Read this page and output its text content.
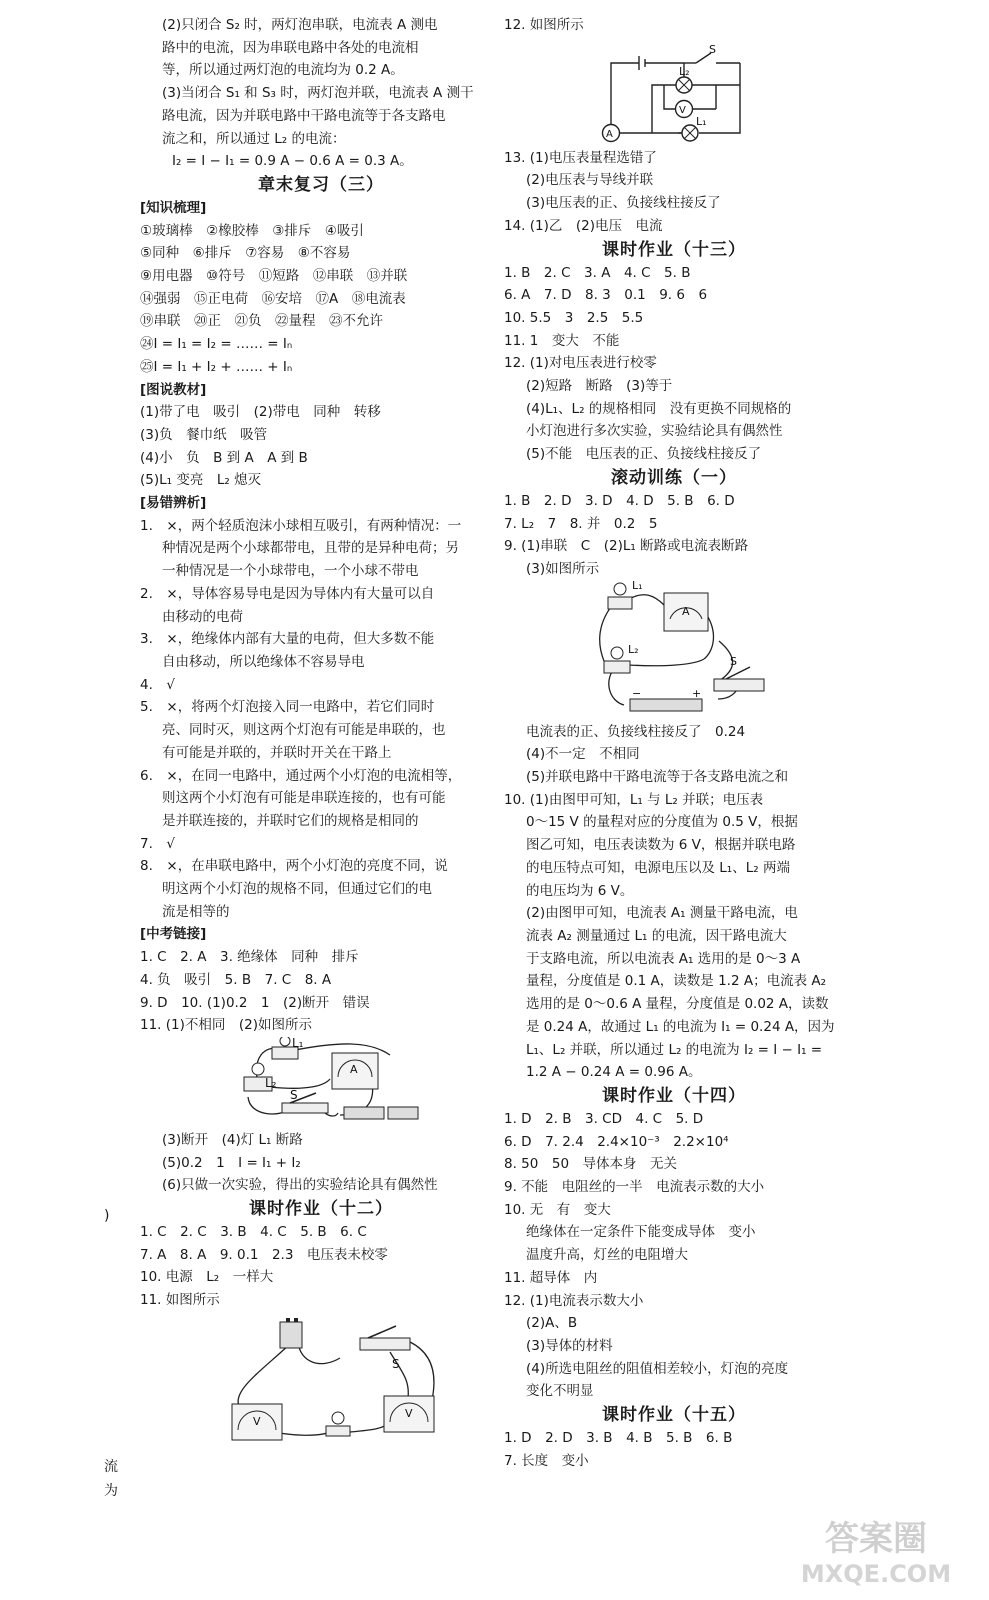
(2)只闭合 S₂ 时，两灯泡串联，电流表 A 测电
路中的电流，因为串联电路中各处的电流相
等，所以通过两灯泡的电流均为 0.2 A。
(3)当闭合 S₁ 和 S₃ 时，两灯泡并联，电流表 A 测干
路电流，因为并联电路中干路电流等于各支路电
流之和，所以通过 L₂ 的电流：
I₂ = I − I₁ = 0.9 A − 0.6 A = 0.3 A。
章末复习（三）
[知识梳理]
①玻璃棒　②橡胶棒　③排斥　④吸引
⑤同种　⑥排斥　⑦容易　⑧不容易
⑨用电器　⑩符号　⑪短路　⑫串联　⑬并联
⑭强弱　⑮正电荷　⑯安培　⑰A　⑱电流表
⑲串联　⑳正　㉑负　㉒量程　㉓不允许
㉔I = I₁ = I₂ = …… = Iₙ
㉕I = I₁ + I₂ + …… + Iₙ
[图说教材]
(1)带了电　吸引　(2)带电　同种　转移
(3)负　餐巾纸　吸管
(4)小　负　B 到 A　A 到 B
(5)L₁ 变亮　L₂ 熄灭
[易错辨析]
1.　×，两个轻质泡沫小球相互吸引，有两种情况：一
种情况是两个小球都带电，且带的是异种电荷；另
一种情况是一个小球带电，一个小球不带电
2.　×，导体容易导电是因为导体内有大量可以自
由移动的电荷
3.　×，绝缘体内部有大量的电荷，但大多数不能
自由移动，所以绝缘体不容易导电
4.　√
5.　×，将两个灯泡接入同一电路中，若它们同时
亮、同时灭，则这两个灯泡有可能是串联的，也
有可能是并联的，并联时开关在干路上
6.　×，在同一电路中，通过两个小灯泡的电流相等，
则这两个小灯泡有可能是串联连接的，也有可能
是并联连接的，并联时它们的规格是相同的
7.　√
8.　×，在串联电路中，两个小灯泡的亮度不同，说
明这两个小灯泡的规格不同，但通过它们的电
流是相等的
[中考链接]
1. C　2. A　3. 绝缘体　同种　排斥
4. 负　吸引　5. B　7. C　8. A
9. D　10. (1)0.2　1　(2)断开　错误
11. (1)不相同　(2)如图所示
L₂
L₁
A
S
(3)断开　(4)灯 L₁ 断路
(5)0.2　1　I = I₁ + I₂
(6)只做一次实验，得出的实验结论具有偶然性
课时作业（十二）
1. C　2. C　3. B　4. C　5. B　6. C
7. A　8. A　9. 0.1　2.3　电压表未校零
10. 电源　L₂　一样大
11. 如图所示
S
V
V
12. 如图所示
L₂
S
V
L₁
A
13. (1)电压表量程选错了
(2)电压表与导线并联
(3)电压表的正、负接线柱接反了
14. (1)乙　(2)电压　电流
课时作业（十三）
1. B　2. C　3. A　4. C　5. B
6. A　7. D　8. 3　0.1　9. 6　6
10. 5.5　3　2.5　5.5
11. 1　变大　不能
12. (1)对电压表进行校零
(2)短路　断路　(3)等于
(4)L₁、L₂ 的规格相同　没有更换不同规格的
小灯泡进行多次实验，实验结论具有偶然性
(5)不能　电压表的正、负接线柱接反了
滚动训练（一）
1. B　2. D　3. D　4. D　5. B　6. D
7. L₂　7　8. 并　0.2　5
9. (1)串联　C　(2)L₁ 断路或电流表断路
(3)如图所示
L₁
A
L₂
S
−	+
电流表的正、负接线柱接反了　0.24
(4)不一定　不相同
(5)并联电路中干路电流等于各支路电流之和
10. (1)由图甲可知，L₁ 与 L₂ 并联；电压表
0～15 V 的量程对应的分度值为 0.5 V，根据
图乙可知，电压表读数为 6 V，根据并联电路
的电压特点可知，电源电压以及 L₁、L₂ 两端
的电压均为 6 V。
(2)由图甲可知，电流表 A₁ 测量干路电流，电
流表 A₂ 测量通过 L₁ 的电流，因干路电流大
于支路电流，所以电流表 A₁ 选用的是 0～3 A
量程，分度值是 0.1 A，读数是 1.2 A；电流表 A₂
选用的是 0～0.6 A 量程，分度值是 0.02 A，读数
是 0.24 A，故通过 L₁ 的电流为 I₁ = 0.24 A，因为
L₁、L₂ 并联，所以通过 L₂ 的电流为 I₂ = I − I₁ =
1.2 A − 0.24 A = 0.96 A。
课时作业（十四）
1. D　2. B　3. CD　4. C　5. D
6. D　7. 2.4　2.4×10⁻³　2.2×10⁴
8. 50　50　导体本身　无关
9. 不能　电阻丝的一半　电流表示数的大小
10. 无　有　变大
绝缘体在一定条件下能变成导体　变小
温度升高，灯丝的电阻增大
11. 超导体　内
12. (1)电流表示数大小
(2)A、B
(3)导体的材料
(4)所选电阻丝的阻值相差较小，灯泡的亮度
变化不明显
课时作业（十五）
1. D　2. D　3. B　4. B　5. B　6. B
7. 长度　变小
)
流
为
答案圈
MXQE.COM
